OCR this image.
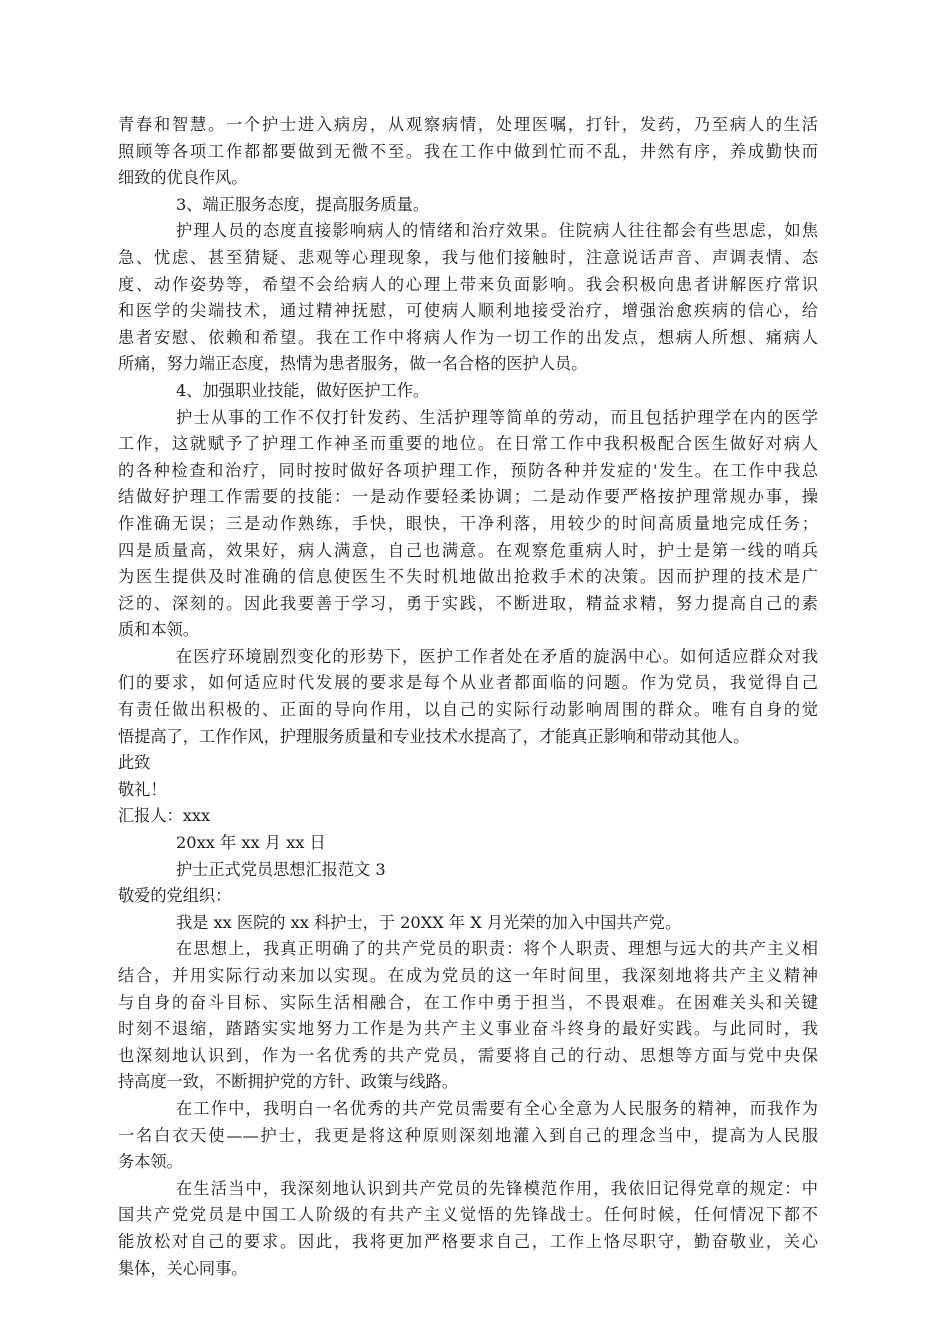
青春和智慧。一个护士进入病房，从观察病情，处理医嘱，打针，发药，乃至病人的生活
照顾等各项工作都都要做到无微不至。我在工作中做到忙而不乱，井然有序，养成勤快而
细致的优良作风。
3、端正服务态度，提高服务质量。
护理人员的态度直接影响病人的情绪和治疗效果。住院病人往往都会有些思虑，如焦
急、忧虑、甚至猜疑、悲观等心理现象，我与他们接触时，注意说话声音、声调表情、态
度、动作姿势等，希望不会给病人的心理上带来负面影响。我会积极向患者讲解医疗常识
和医学的尖端技术，通过精神抚慰，可使病人顺利地接受治疗，增强治愈疾病的信心，给
患者安慰、依赖和希望。我在工作中将病人作为一切工作的出发点，想病人所想、痛病人
所痛，努力端正态度，热情为患者服务，做一名合格的医护人员。
4、加强职业技能，做好医护工作。
护士从事的工作不仅打针发药、生活护理等简单的劳动，而且包括护理学在内的医学
工作，这就赋予了护理工作神圣而重要的地位。在日常工作中我积极配合医生做好对病人
的各种检查和治疗，同时按时做好各项护理工作，预防各种并发症的'发生。在工作中我总
结做好护理工作需要的技能：一是动作要轻柔协调；二是动作要严格按护理常规办事，操
作准确无误；三是动作熟练，手快，眼快，干净利落，用较少的时间高质量地完成任务；
四是质量高，效果好，病人满意，自己也满意。在观察危重病人时，护士是第一线的哨兵
为医生提供及时准确的信息使医生不失时机地做出抢救手术的决策。因而护理的技术是广
泛的、深刻的。因此我要善于学习，勇于实践，不断进取，精益求精，努力提高自己的素
质和本领。
在医疗环境剧烈变化的形势下，医护工作者处在矛盾的旋涡中心。如何适应群众对我
们的要求，如何适应时代发展的要求是每个从业者都面临的问题。作为党员，我觉得自己
有责任做出积极的、正面的导向作用，以自己的实际行动影响周围的群众。唯有自身的觉
悟提高了，工作作风，护理服务质量和专业技术水提高了，才能真正影响和带动其他人。
此致
敬礼！
汇报人：xxx
20xx 年 xx 月 xx 日
护士正式党员思想汇报范文 3
敬爱的党组织：
我是 xx 医院的 xx 科护士，于 20XX 年 X 月光荣的加入中国共产党。
在思想上，我真正明确了的共产党员的职责：将个人职责、理想与远大的共产主义相
结合，并用实际行动来加以实现。在成为党员的这一年时间里，我深刻地将共产主义精神
与自身的奋斗目标、实际生活相融合，在工作中勇于担当，不畏艰难。在困难关头和关键
时刻不退缩，踏踏实实地努力工作是为共产主义事业奋斗终身的最好实践。与此同时，我
也深刻地认识到，作为一名优秀的共产党员，需要将自己的行动、思想等方面与党中央保
持高度一致，不断拥护党的方针、政策与线路。
在工作中，我明白一名优秀的共产党员需要有全心全意为人民服务的精神，而我作为
一名白衣天使——护士，我更是将这种原则深刻地灌入到自己的理念当中，提高为人民服
务本领。
在生活当中，我深刻地认识到共产党员的先锋模范作用，我依旧记得党章的规定：中
国共产党党员是中国工人阶级的有共产主义觉悟的先锋战士。任何时候，任何情况下都不
能放松对自己的要求。因此，我将更加严格要求自己，工作上恪尽职守，勤奋敬业，关心
集体，关心同事。
